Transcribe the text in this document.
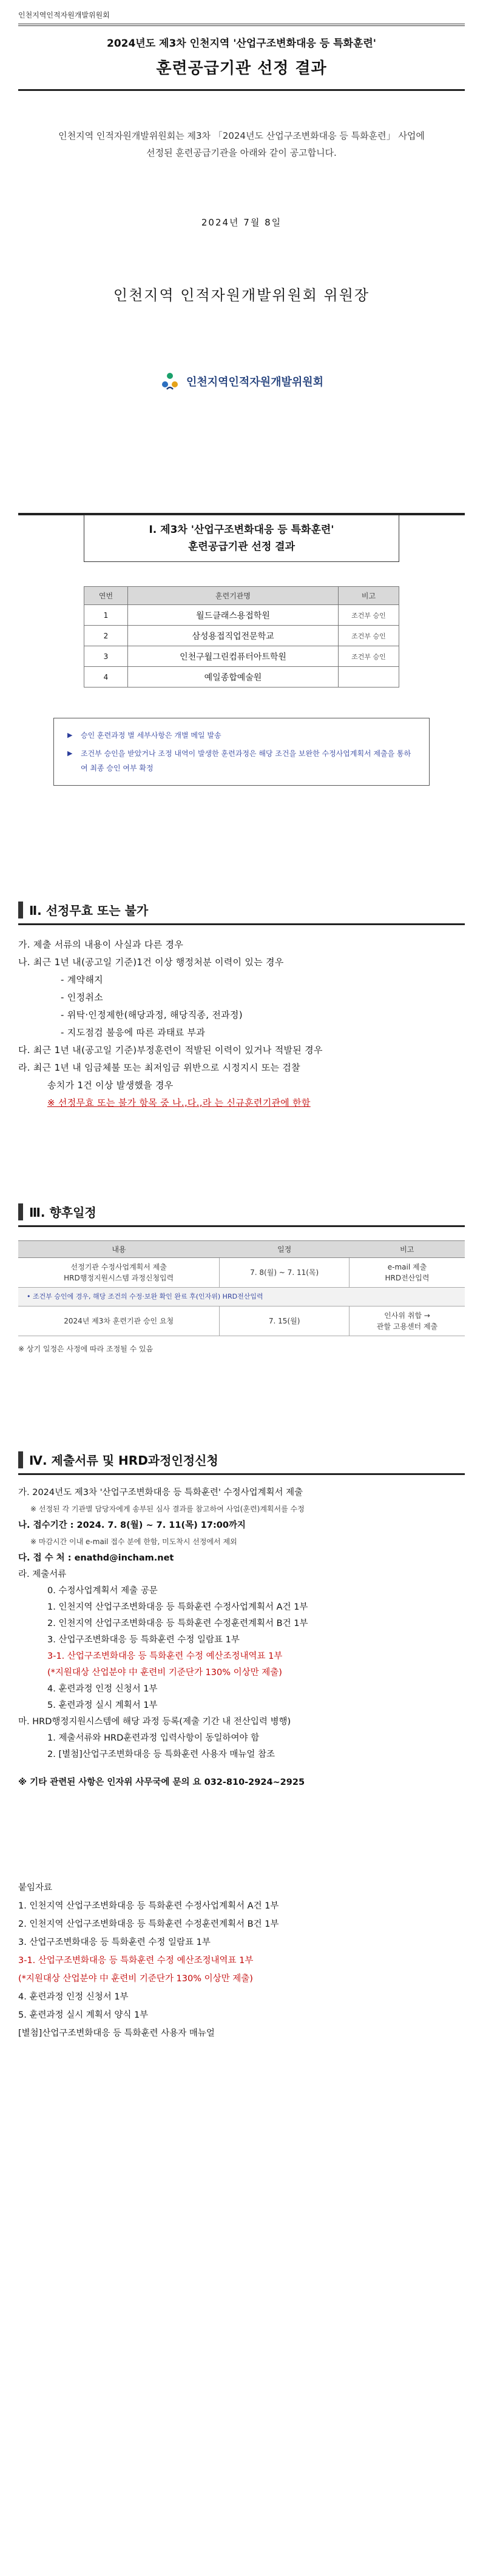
인천지역인적자원개발위원회
2024년도 제3차 인천지역 '산업구조변화대응 등 특화훈련'
훈련공급기관 선정 결과
인천지역 인적자원개발위원회는 제3차 「2024년도 산업구조변화대응 등 특화훈련」 사업에 선정된 훈련공급기관을 아래와 같이 공고합니다.
2024년 7월 8일
인천지역 인적자원개발위원회 위원장
인천지역인적자원개발위원회
Ⅰ. 제3차 '산업구조변화대응 등 특화훈련'
훈련공급기관 선정 결과
연번	훈련기관명	비고
1	월드클래스용접학원	조건부 승인
2	삼성용접직업전문학교	조건부 승인
3	인천구월그린컴퓨터아트학원	조건부 승인
4	예일종합예술원	
▶	승인 훈련과정 별 세부사항은 개별 메일 발송
▶	조건부 승인을 받았거나 조정 내역이 발생한 훈련과정은 해당 조건을 보완한 수정사업계획서 제출을 통하여 최종 승인 여부 확정
Ⅱ. 선정무효 또는 불가
가. 제출 서류의 내용이 사실과 다른 경우
나. 최근 1년 내(공고일 기준)1건 이상 행정처분 이력이 있는 경우
- 계약해지
- 인정취소
- 위탁·인정제한(해당과정, 해당직종, 전과정)
- 지도점검 불응에 따른 과태료 부과
다. 최근 1년 내(공고일 기준)부정훈련이 적발된 이력이 있거나 적발된 경우
라. 최근 1년 내 임금체불 또는 최저임금 위반으로 시정지시 또는 검찰
송치가 1건 이상 발생했을 경우
※ 선정무효 또는 불가 항목 중 나.,다.,라 는 신규훈련기관에 한함
Ⅲ. 향후일정
내용	일정	비고
선정기관 수정사업계획서 제출
HRD행정지원시스템 과정신청입력	7. 8(월) ~ 7. 11(목)	e-mail 제출
HRD전산입력
• 조건부 승인에 경우, 해당 조건의 수정·보완 확인 완료 후(인자위) HRD전산입력		
2024년 제3차 훈련기관 승인 요청	7. 15(월)	인사위 취합 →
관할 고용센터 제출
※ 상기 일정은 사정에 따라 조정될 수 있음
Ⅳ. 제출서류 및 HRD과정인정신청
가. 2024년도 제3차 '산업구조변화대응 등 특화훈련' 수정사업계획서 제출
※ 선정된 각 기관별 담당자에게 송부된 심사 결과를 참고하여 사업(훈련)계획서를 수정
나. 접수기간 : 2024. 7. 8(월) ~ 7. 11(목) 17:00까지
※ 마감시간 이내 e-mail 접수 분에 한함, 미도착시 선정에서 제외
다. 접 수 처 : enathd@incham.net
라. 제출서류
0. 수정사업계획서 제출 공문
1. 인천지역 산업구조변화대응 등 특화훈련 수정사업계획서 A건 1부
2. 인천지역 산업구조변화대응 등 특화훈련 수정훈련계획서 B건 1부
3. 산업구조변화대응 등 특화훈련 수정 일람표 1부
3-1. 산업구조변화대응 등 특화훈련 수정 예산조정내역표 1부
(*지원대상 산업분야 中 훈련비 기준단가 130% 이상만 제출)
4. 훈련과정 인정 신청서 1부
5. 훈련과정 실시 계획서 1부
마. HRD행정지원시스템에 해당 과정 등록(제출 기간 내 전산입력 병행)
1. 제출서류와 HRD훈련과정 입력사항이 동일하여야 함
2. [별첨]산업구조변화대응 등 특화훈련 사용자 매뉴얼 참조
※ 기타 관련된 사항은 인자위 사무국에 문의 요 032-810-2924~2925
붙임자료
1. 인천지역 산업구조변화대응 등 특화훈련 수정사업계획서 A건 1부
2. 인천지역 산업구조변화대응 등 특화훈련 수정훈련계획서 B건 1부
3. 산업구조변화대응 등 특화훈련 수정 일람표 1부
3-1. 산업구조변화대응 등 특화훈련 수정 예산조정내역표 1부
(*지원대상 산업분야 中 훈련비 기준단가 130% 이상만 제출)
4. 훈련과정 인정 신청서 1부
5. 훈련과정 실시 계획서 양식 1부
[별첨]산업구조변화대응 등 특화훈련 사용자 매뉴얼
